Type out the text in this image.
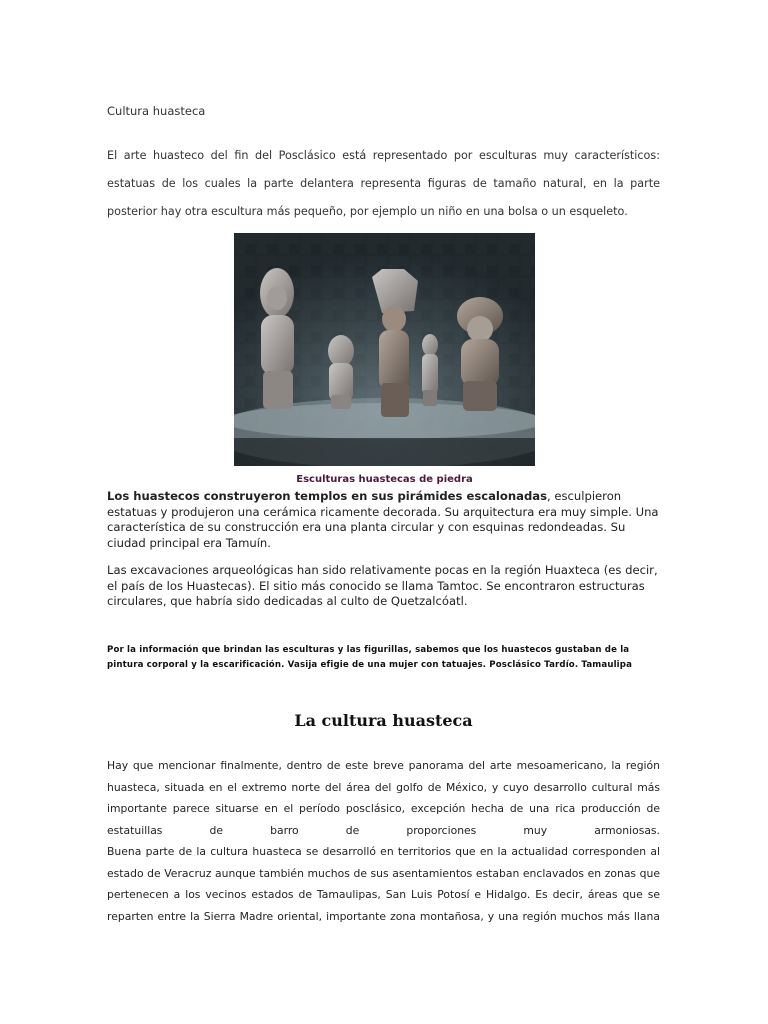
Cultura huasteca
El arte huasteco del fin del Posclásico está representado por esculturas muy característicos:
estatuas de los cuales la parte delantera representa figuras de tamaño natural, en la parte
posterior hay otra escultura más pequeño, por ejemplo un niño en una bolsa o un esqueleto.
Esculturas huastecas de piedra
Los huastecos construyeron templos en sus pirámides escalonadas, esculpieron estatuas y produjeron una cerámica ricamente decorada. Su arquitectura era muy simple. Una característica de su construcción era una planta circular y con esquinas redondeadas. Su ciudad principal era Tamuín.
Las excavaciones arqueológicas han sido relativamente pocas en la región Huaxteca (es decir, el país de los Huastecas). El sitio más conocido se llama Tamtoc. Se encontraron estructuras circulares, que habría sido dedicadas al culto de Quetzalcóatl.
Por la información que brindan las esculturas y las figurillas, sabemos que los huastecos gustaban de la
pintura corporal y la escarificación. Vasija efigie de una mujer con tatuajes. Posclásico Tardío. Tamaulipa
La cultura huasteca
Hay que mencionar finalmente, dentro de este breve panorama del arte mesoamericano, la región
huasteca, situada en el extremo norte del área del golfo de México, y cuyo desarrollo cultural más
importante parece situarse en el período posclásico, excepción hecha de una rica producción de
estatuillas de barro de proporciones muy armoniosas.
Buena parte de la cultura huasteca se desarrolló en territorios que en la actualidad corresponden al
estado de Veracruz aunque también muchos de sus asentamientos estaban enclavados en zonas que
pertenecen a los vecinos estados de Tamaulipas, San Luis Potosí e Hidalgo. Es decir, áreas que se
reparten entre la Sierra Madre oriental, importante zona montañosa, y una región muchos más llana
